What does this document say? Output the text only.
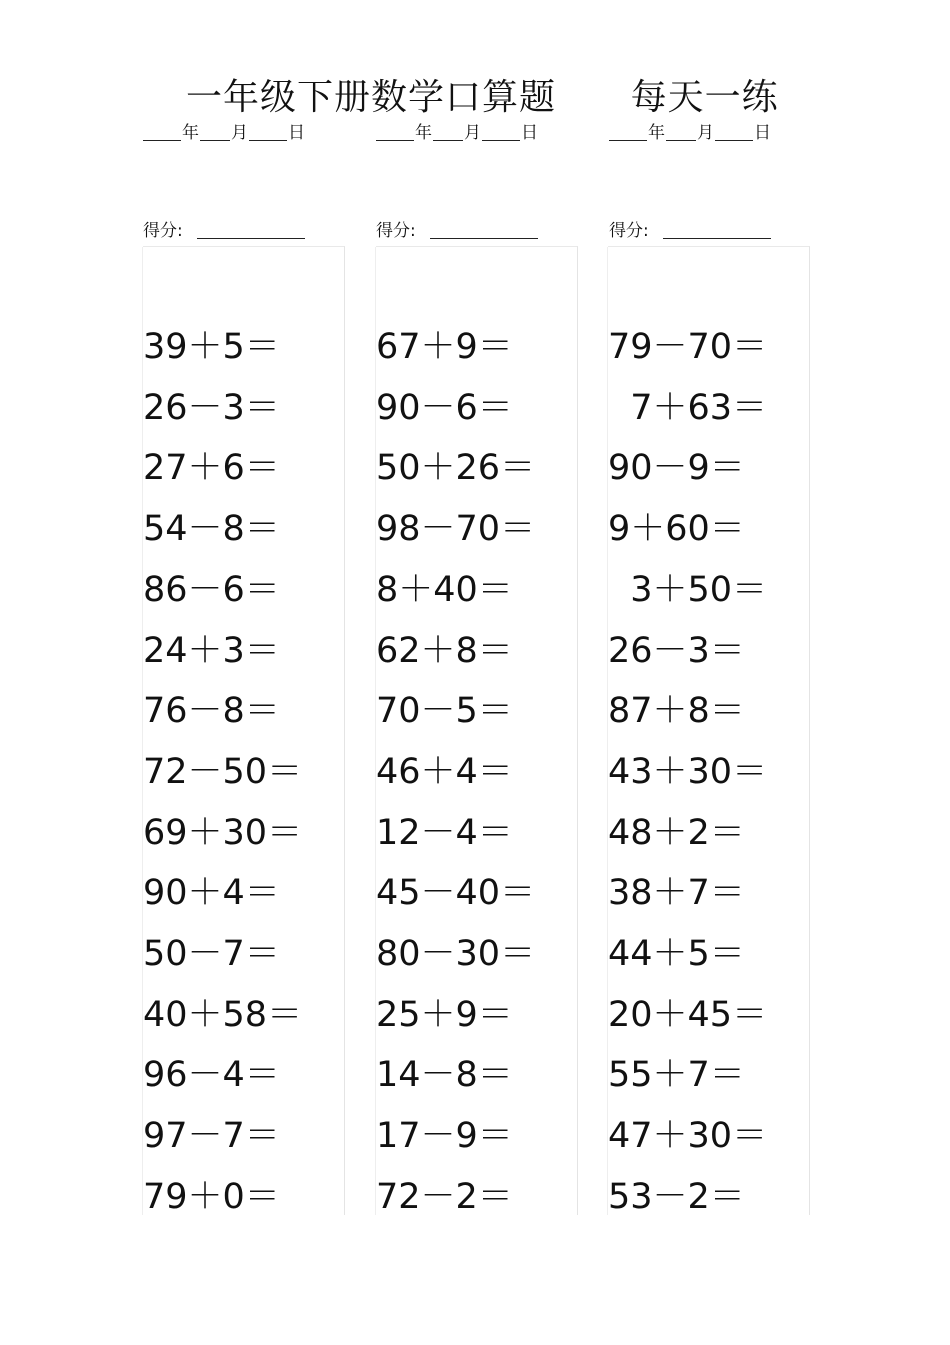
一年级下册数学口算题      每天一练
年 月 日	年 月 日	年 月 日
得分:	得分:	得分:
39＋5＝
26－3＝
27＋6＝
54－8＝
86－6＝
24＋3＝
76－8＝
72－50＝
69＋30＝
90＋4＝
50－7＝
40＋58＝
96－4＝
97－7＝
79＋0＝
67＋9＝
90－6＝
50＋26＝
98－70＝
8＋40＝
62＋8＝
70－5＝
46＋4＝
12－4＝
45－40＝
80－30＝
25＋9＝
14－8＝
17－9＝
72－2＝
79－70＝
7＋63＝
90－9＝
9＋60＝
3＋50＝
26－3＝
87＋8＝
43＋30＝
48＋2＝
38＋7＝
44＋5＝
20＋45＝
55＋7＝
47＋30＝
53－2＝
